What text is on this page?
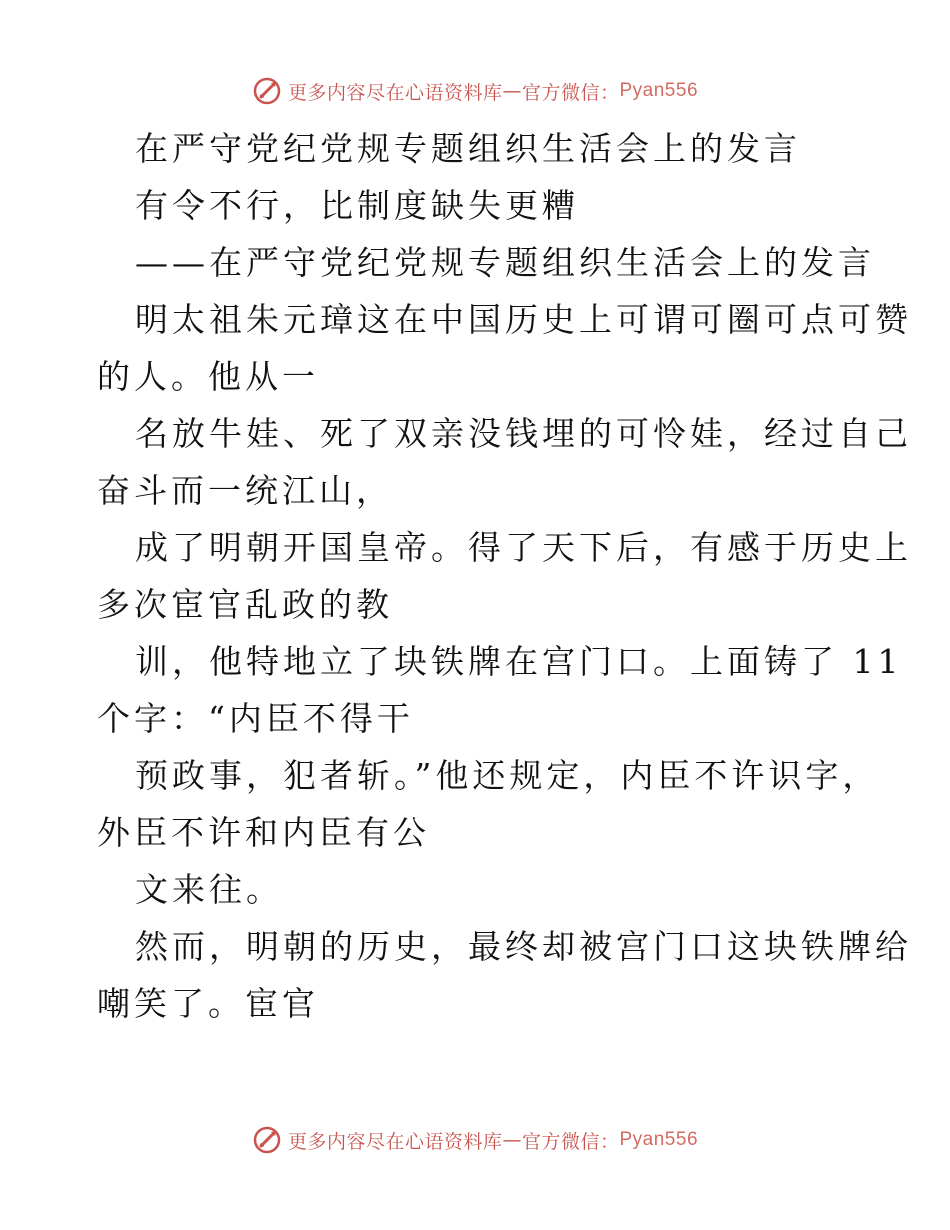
更多内容尽在心语资料库 — 官方微信： Pyan556
在严守党纪党规专题组织生活会上的发言
有令不行，比制度缺失更糟
——在严守党纪党规专题组织生活会上的发言
明太祖朱元璋这在中国历史上可谓可圈可点可赞
的人。他从一
名放牛娃、死了双亲没钱埋的可怜娃，经过自己
奋斗而一统江山，
成了明朝开国皇帝。得了天下后，有感于历史上
多次宦官乱政的教
训，他特地立了块铁牌在宫门口。上面铸了 11
个字：“内臣不得干
预政事，犯者斩。”他还规定，内臣不许识字，
外臣不许和内臣有公
文来往。
然而，明朝的历史，最终却被宫门口这块铁牌给
嘲笑了。宦官
更多内容尽在心语资料库 — 官方微信： Pyan556
